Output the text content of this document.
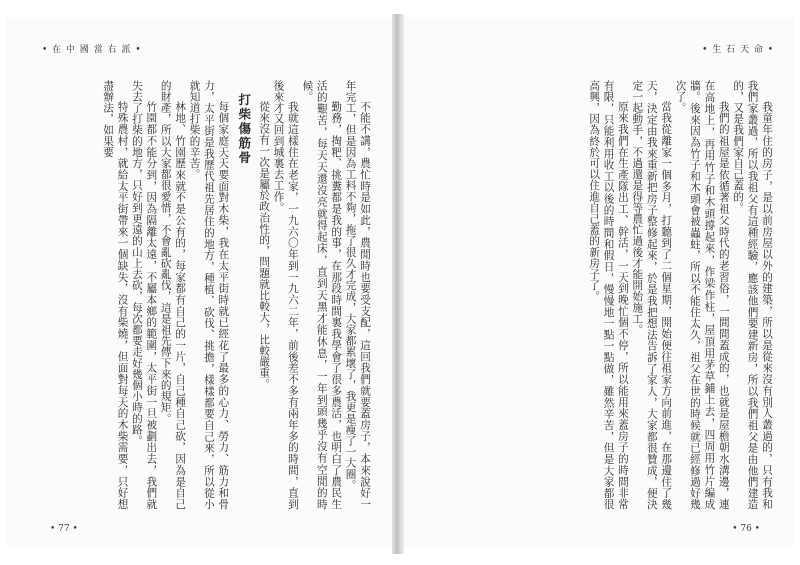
• 在 中 國 當 右 派 •

不能不講，農忙時是如此，農閒時也要受支配，這回我們就要蓋房子，本來說好一年完工，但是因為工料不夠，拖了很久才完成，大家都累壞了，我更是瘦了一大圈。

勤務，掏粑、挑糞都是我的事，在那段時間裏我學會了很多農活，也明白了農民生活的艱苦，每天天還沒亮就得起床，直到天黑才能休息，一年到頭幾乎沒有空閒的時候。

我就這樣住在老家，一九六〇年到一九六二年，前後差不多有兩年多的時間，直到後來才又回到城裏去工作。

從來沒有一次是屬於政治性的，問題就比較大，比較嚴重。

打柴傷筋骨

每個家庭天天要面對木柴，我在太平街時就已經花了最多的心力、勞力、筋力和骨力，太平街是我歷代祖先居住的地方，種植、砍伐、挑擔，樣樣都要自己來，所以從小就知道打柴的辛苦。

林地、竹園歷來就不是公有的，每家都有自己的一片，自己種自己砍，因為是自己的財產，所以大家都很愛惜，不會亂砍亂伐，這是祖先傳下來的規矩。

竹園都不能分到，因為隔離太遠，不屬本鄉的範圍，太平街一旦被劃出去，我們就失去了打柴的地方，只好到更遠的山上去砍，每次都要走好幾個小時的路。

特殊農村，就給太平街帶來一個缺失，沒有柴燒，但面對每天的木柴需要，只好想盡辦法，如果要

• 77 •
• 生 石 天 命 •

我童年住的房子，是以前房屋以外的建築，所以是從來沒有別人叢過的，只有我和我們家叢過，所以我祖父有這種經驗，應該他們要建新房，所以我們祖父是由他們建造的，又是我們家自己蓋的。

我們的祖屋是依循著祖父時代的老習俗，一間間蓋成的，也就是屋檐朝水溝邊，連在高地上，再用竹子和木頭撐起來，作梁作柱，屋頂用茅草鋪上去，四周用竹片編成牆。後來因為竹子和木頭會被蟲蛀，所以不能住太久，祖父在世的時候就已經修過好幾次了。

當我從離家一個多月，打聽到了二個星期，開始便往祖家方向前進，在那邊住了幾天，決定由我來重新把房子整修起來，於是我把想法告訴了家人，大家都很贊成，便決定一起動手，不過還是得等農忙過後才能開始施工。

原來我們在生產隊出工、幹活，一天到晚忙個不停，所以能用來蓋房子的時間非常有限，只能利用收工以後的時間和假日，慢慢地一點一點做，雖然辛苦，但是大家都很高興，因為終於可以住進自己蓋的新房子了。

• 76 •
